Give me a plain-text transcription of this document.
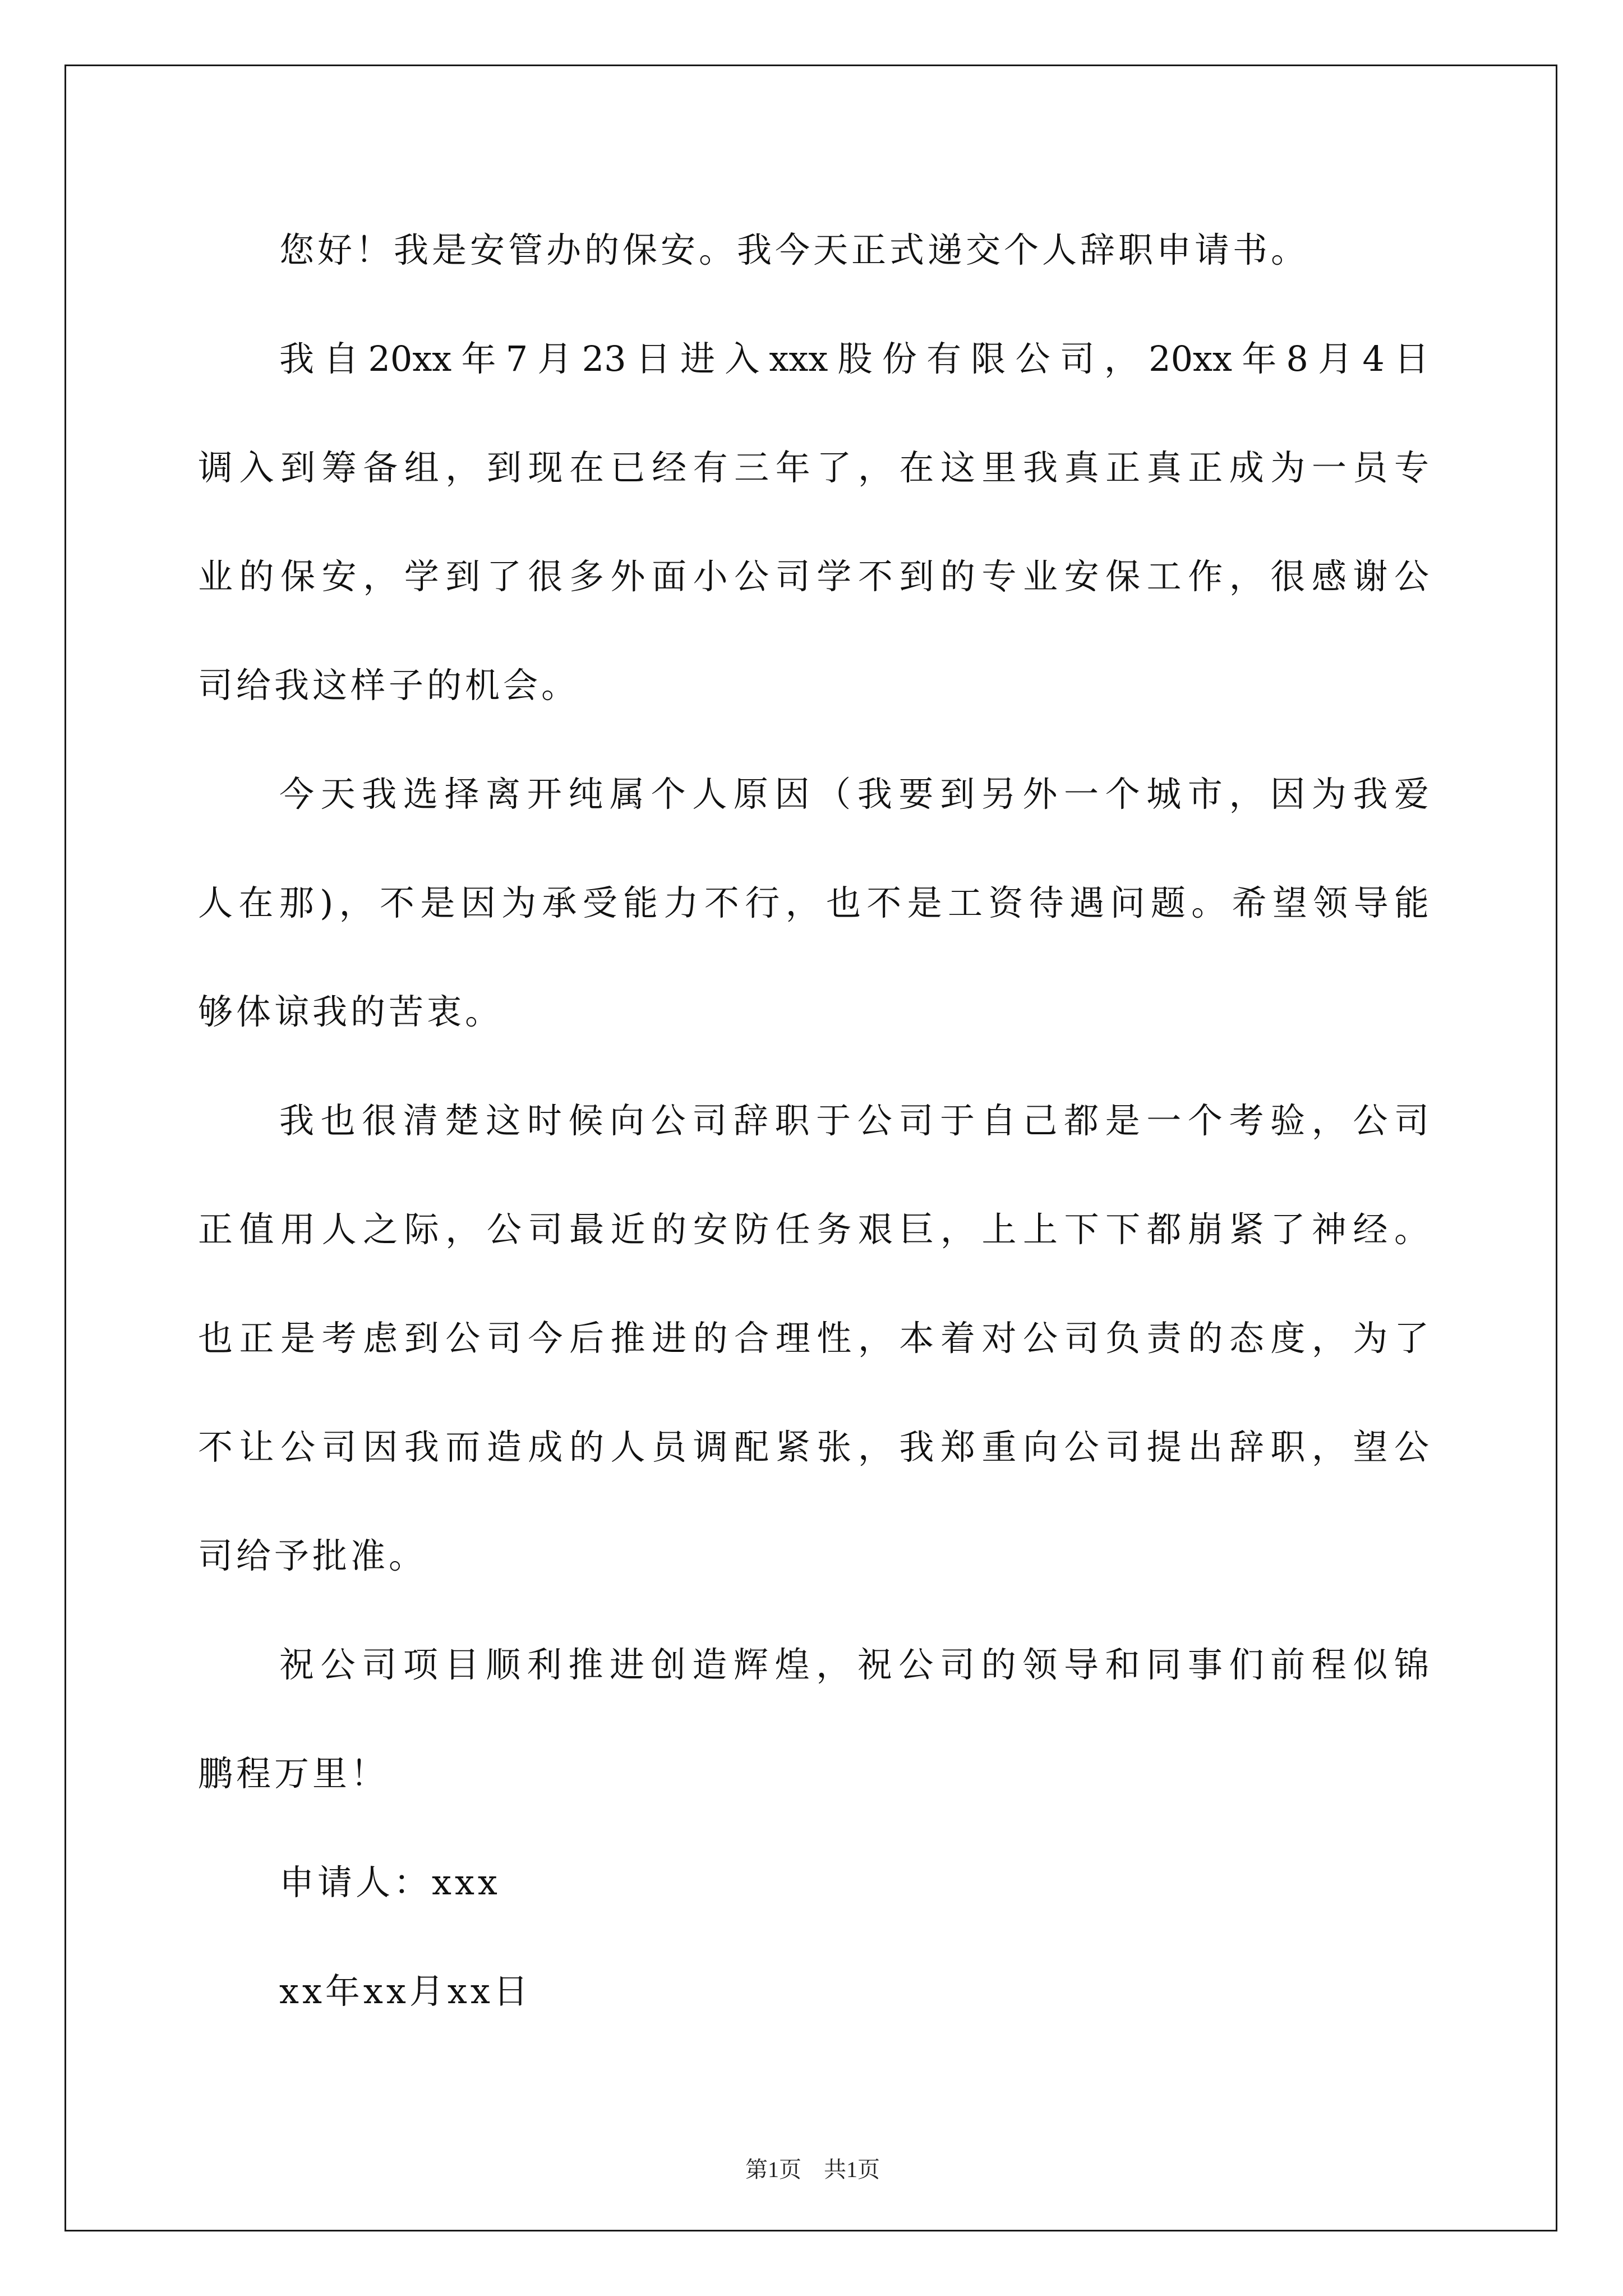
您好！我是安管办的保安。我今天正式递交个人辞职申请书。
我自20xx年7月23日进入xxx股份有限公司，20xx年8月4日
调入到筹备组，到现在已经有三年了，在这里我真正真正成为一员专
业的保安，学到了很多外面小公司学不到的专业安保工作，很感谢公
司给我这样子的机会。
今天我选择离开纯属个人原因（我要到另外一个城市，因为我爱
人在那)，不是因为承受能力不行，也不是工资待遇问题。希望领导能
够体谅我的苦衷。
我也很清楚这时候向公司辞职于公司于自己都是一个考验，公司
正值用人之际，公司最近的安防任务艰巨，上上下下都崩紧了神经。
也正是考虑到公司今后推进的合理性，本着对公司负责的态度，为了
不让公司因我而造成的人员调配紧张，我郑重向公司提出辞职，望公
司给予批准。
祝公司项目顺利推进创造辉煌，祝公司的领导和同事们前程似锦
鹏程万里！
申请人：xxx
xx年xx月xx日
第1页　共1页
